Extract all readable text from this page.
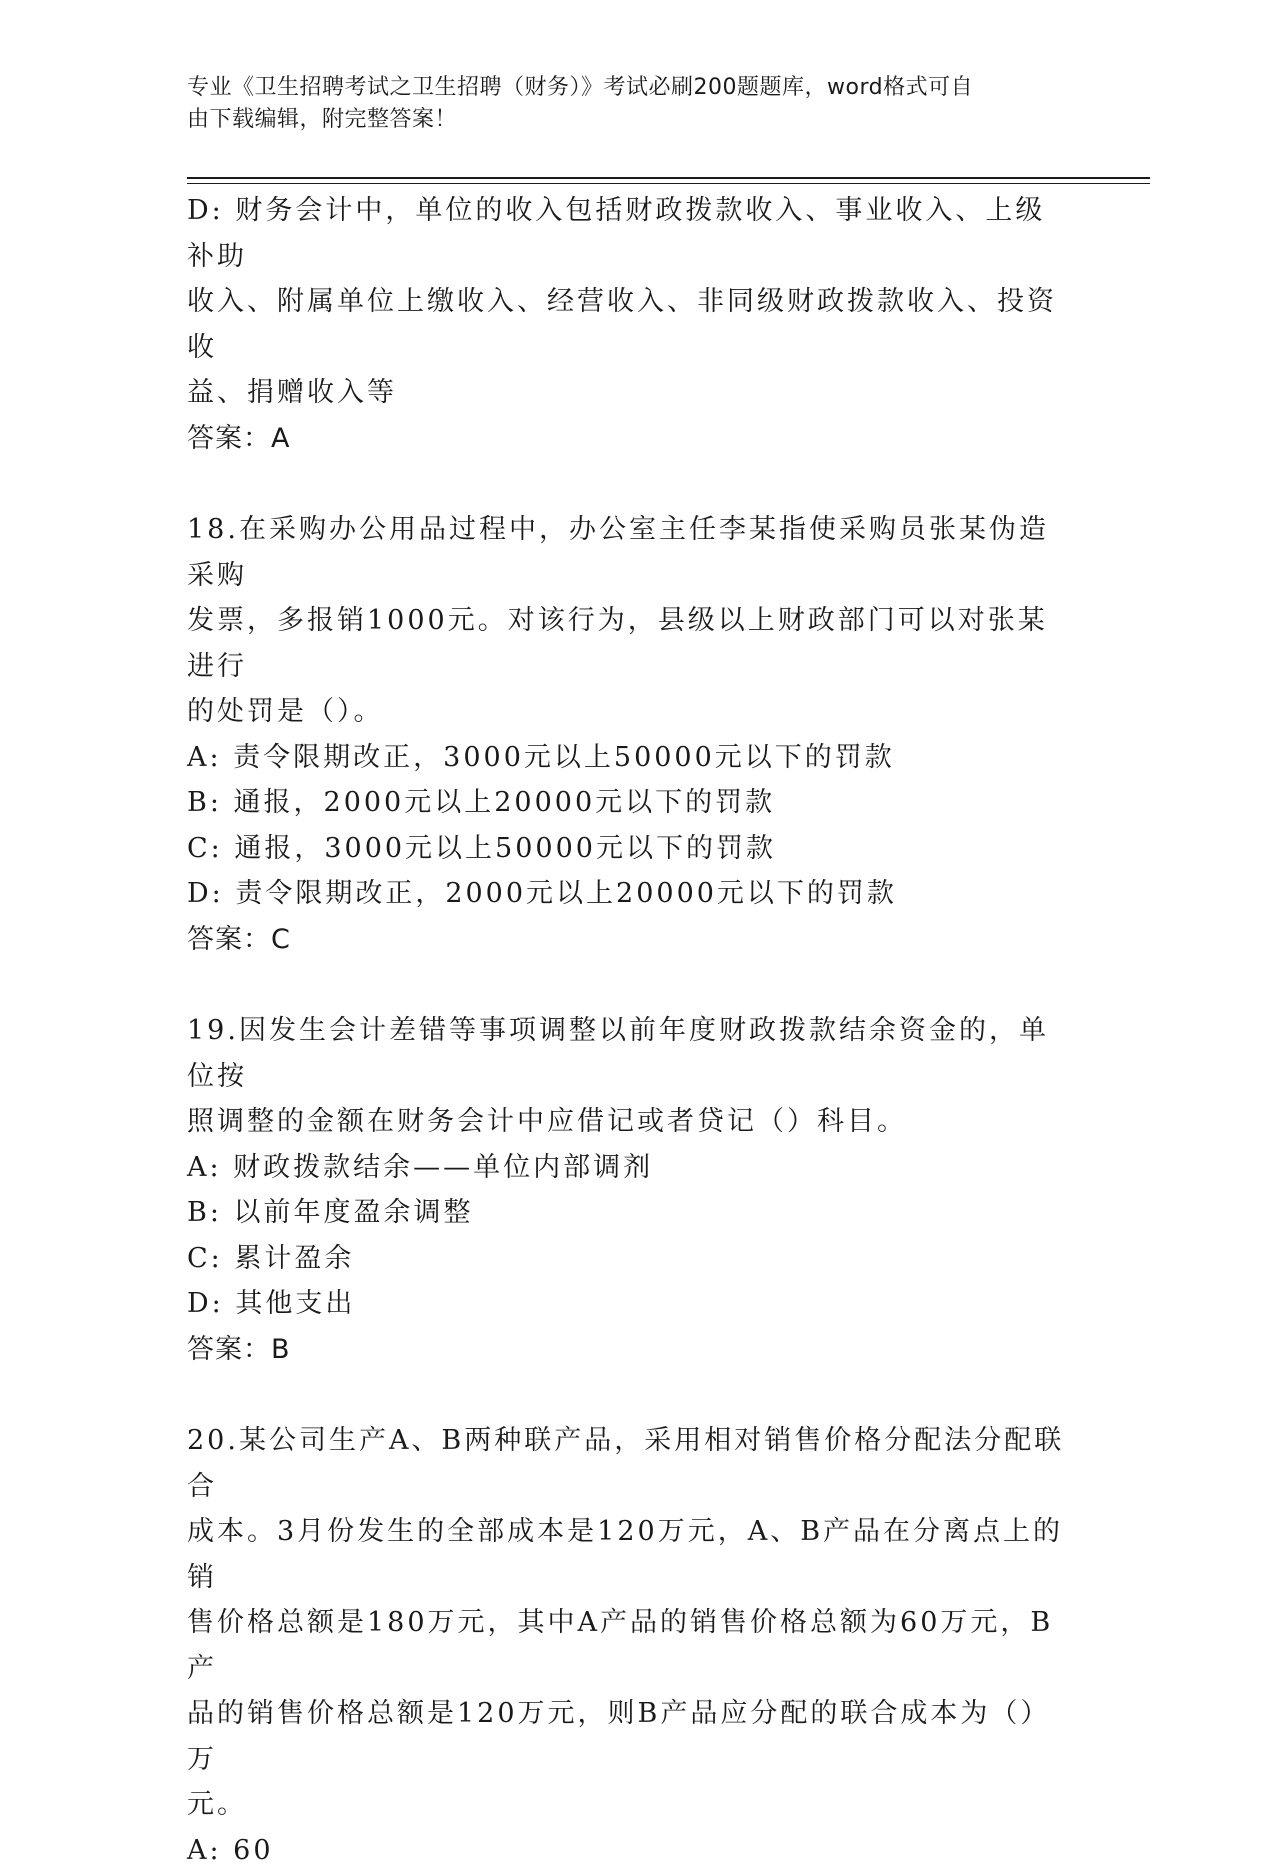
专业《卫生招聘考试之卫生招聘（财务）》考试必刷200题题库，word格式可自
由下载编辑，附完整答案！

D: 财务会计中，单位的收入包括财政拨款收入、事业收入、上级补助

收入、附属单位上缴收入、经营收入、非同级财政拨款收入、投资收

益、捐赠收入等

答案：A

18.在采购办公用品过程中，办公室主任李某指使采购员张某伪造采购

发票，多报销1000元。对该行为，县级以上财政部门可以对张某进行

的处罚是（）。

A: 责令限期改正，3000元以上50000元以下的罚款

B: 通报，2000元以上20000元以下的罚款

C: 通报，3000元以上50000元以下的罚款

D: 责令限期改正，2000元以上20000元以下的罚款

答案：C

19.因发生会计差错等事项调整以前年度财政拨款结余资金的，单位按

照调整的金额在财务会计中应借记或者贷记（）科目。

A: 财政拨款结余——单位内部调剂

B: 以前年度盈余调整

C: 累计盈余

D: 其他支出

答案：B

20.某公司生产A、B两种联产品，采用相对销售价格分配法分配联合

成本。3月份发生的全部成本是120万元，A、B产品在分离点上的销

售价格总额是180万元，其中A产品的销售价格总额为60万元，B产

品的销售价格总额是120万元，则B产品应分配的联合成本为（）万

元。

A: 60
